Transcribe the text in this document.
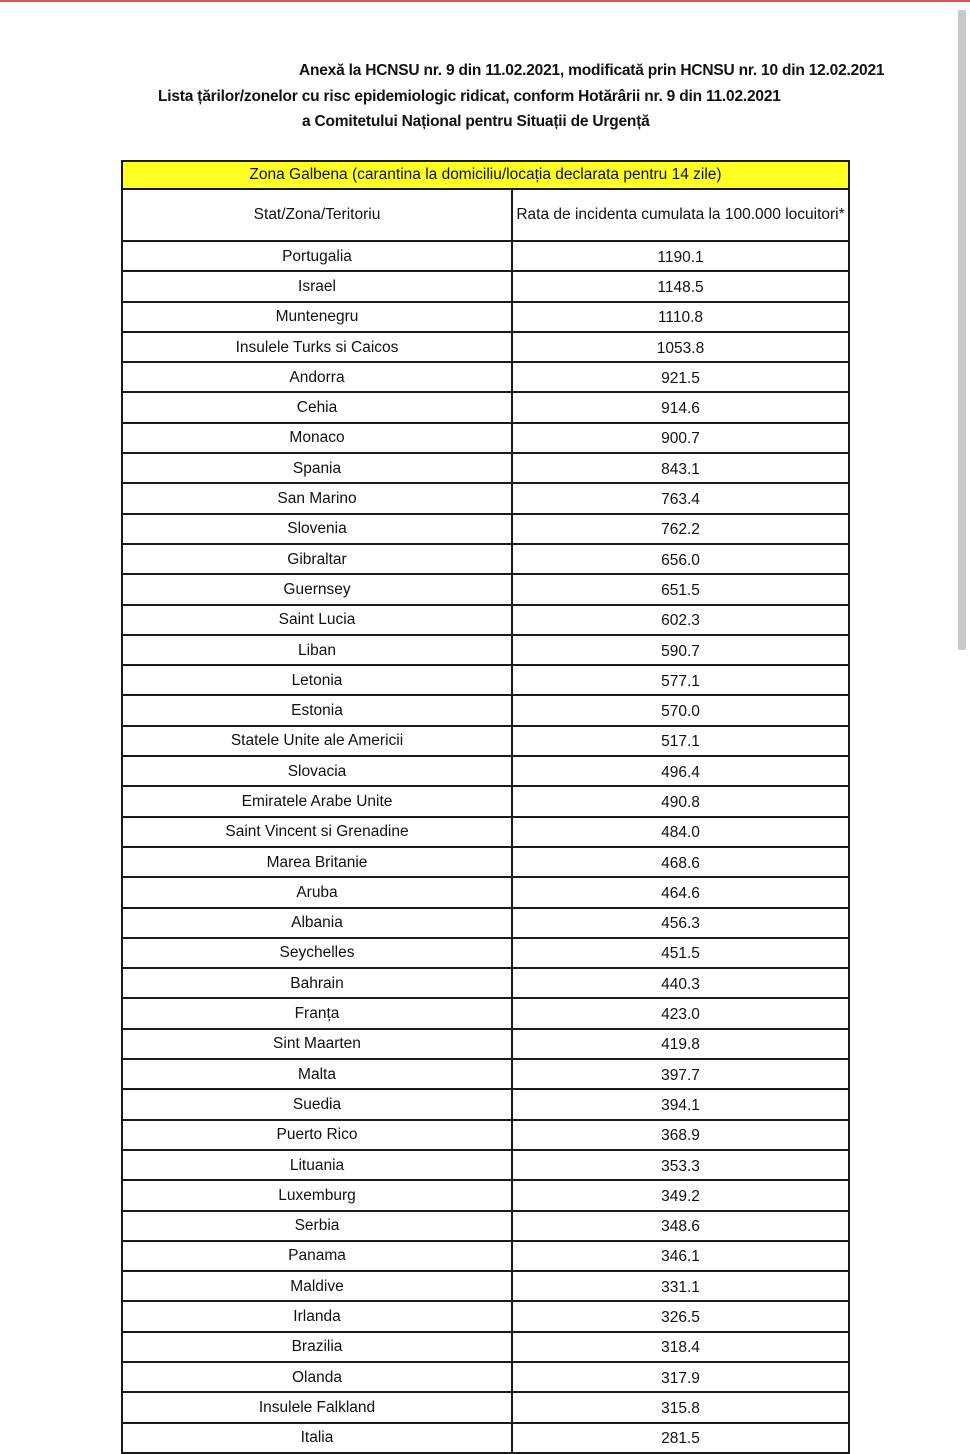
Anexă la HCNSU nr. 9 din 11.02.2021, modificată prin HCNSU nr. 10 din 12.02.2021
Lista țărilor/zonelor cu risc epidemiologic ridicat, conform Hotărârii nr. 9 din 11.02.2021
a Comitetului Național pentru Situații de Urgență
Zona Galbena (carantina la domiciliu/locația declarata pentru 14 zile)	
Stat/Zona/Teritoriu	Rata de incidenta cumulata la 100.000 locuitori*
Portugalia	1190.1
Israel	1148.5
Muntenegru	1110.8
Insulele Turks si Caicos	1053.8
Andorra	921.5
Cehia	914.6
Monaco	900.7
Spania	843.1
San Marino	763.4
Slovenia	762.2
Gibraltar	656.0
Guernsey	651.5
Saint Lucia	602.3
Liban	590.7
Letonia	577.1
Estonia	570.0
Statele Unite ale Americii	517.1
Slovacia	496.4
Emiratele Arabe Unite	490.8
Saint Vincent si Grenadine	484.0
Marea Britanie	468.6
Aruba	464.6
Albania	456.3
Seychelles	451.5
Bahrain	440.3
Franța	423.0
Sint Maarten	419.8
Malta	397.7
Suedia	394.1
Puerto Rico	368.9
Lituania	353.3
Luxemburg	349.2
Serbia	348.6
Panama	346.1
Maldive	331.1
Irlanda	326.5
Brazilia	318.4
Olanda	317.9
Insulele Falkland	315.8
Italia	281.5
